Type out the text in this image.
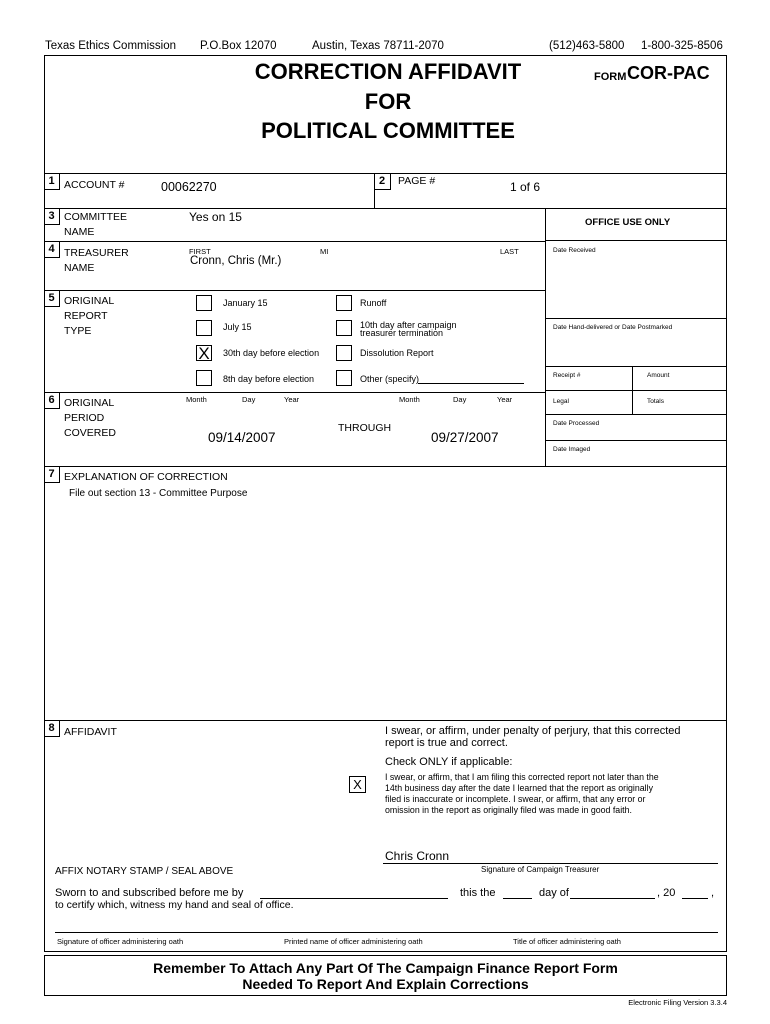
Texas Ethics Commission P.O.Box 12070	Austin, Texas 78711-2070	(512)463-5800 1-800-325-8506
CORRECTION AFFIDAVIT
FOR
POLITICAL COMMITTEE
FORM COR-PAC
1 ACCOUNT #	00062270	2	PAGE #	1 of 6
3 COMMITTEE
NAME
Yes on 15
4 TREASURER
NAME
FIRST	MI	LAST
Cronn, Chris (Mr.)
5 ORIGINAL
REPORT
TYPE
January 15	Runoff
July 15	10th day after campaign treasurer termination
X 30th day before election	Dissolution Report
8th day before election	Other (specify)
6 ORIGINAL
PERIOD
COVERED
Month	Day	Year
09/14/2007
THROUGH
Month	Day	Year
09/27/2007
OFFICE USE ONLY
Date Received
Date Hand-delivered or Date Postmarked
Receipt #	Amount
Legal	Totals
Date Processed
Date Imaged
7 EXPLANATION OF CORRECTION
File out section 13 - Committee Purpose
8 AFFIDAVIT	I swear, or affirm, under penalty of perjury, that this corrected
report is true and correct.
Check ONLY if applicable:
X	I swear, or affirm, that I am filing this corrected report not later than the
14th business day after the date I learned that the report as originally
filed is inaccurate or incomplete. I swear, or affirm, that any error or
omission in the report as originally filed was made in good faith.
Chris Cronn
Signature of Campaign Treasurer
AFFIX NOTARY STAMP / SEAL ABOVE
Sworn to and subscribed before me by	this the	day of	, 20	,
to certify which, witness my hand and seal of office.
Signature of officer administering oath	Printed name of officer administering oath	Title of officer administering oath
Remember To Attach Any Part Of The Campaign Finance Report Form
Needed To Report And Explain Corrections
Electronic Filing Version 3.3.4
